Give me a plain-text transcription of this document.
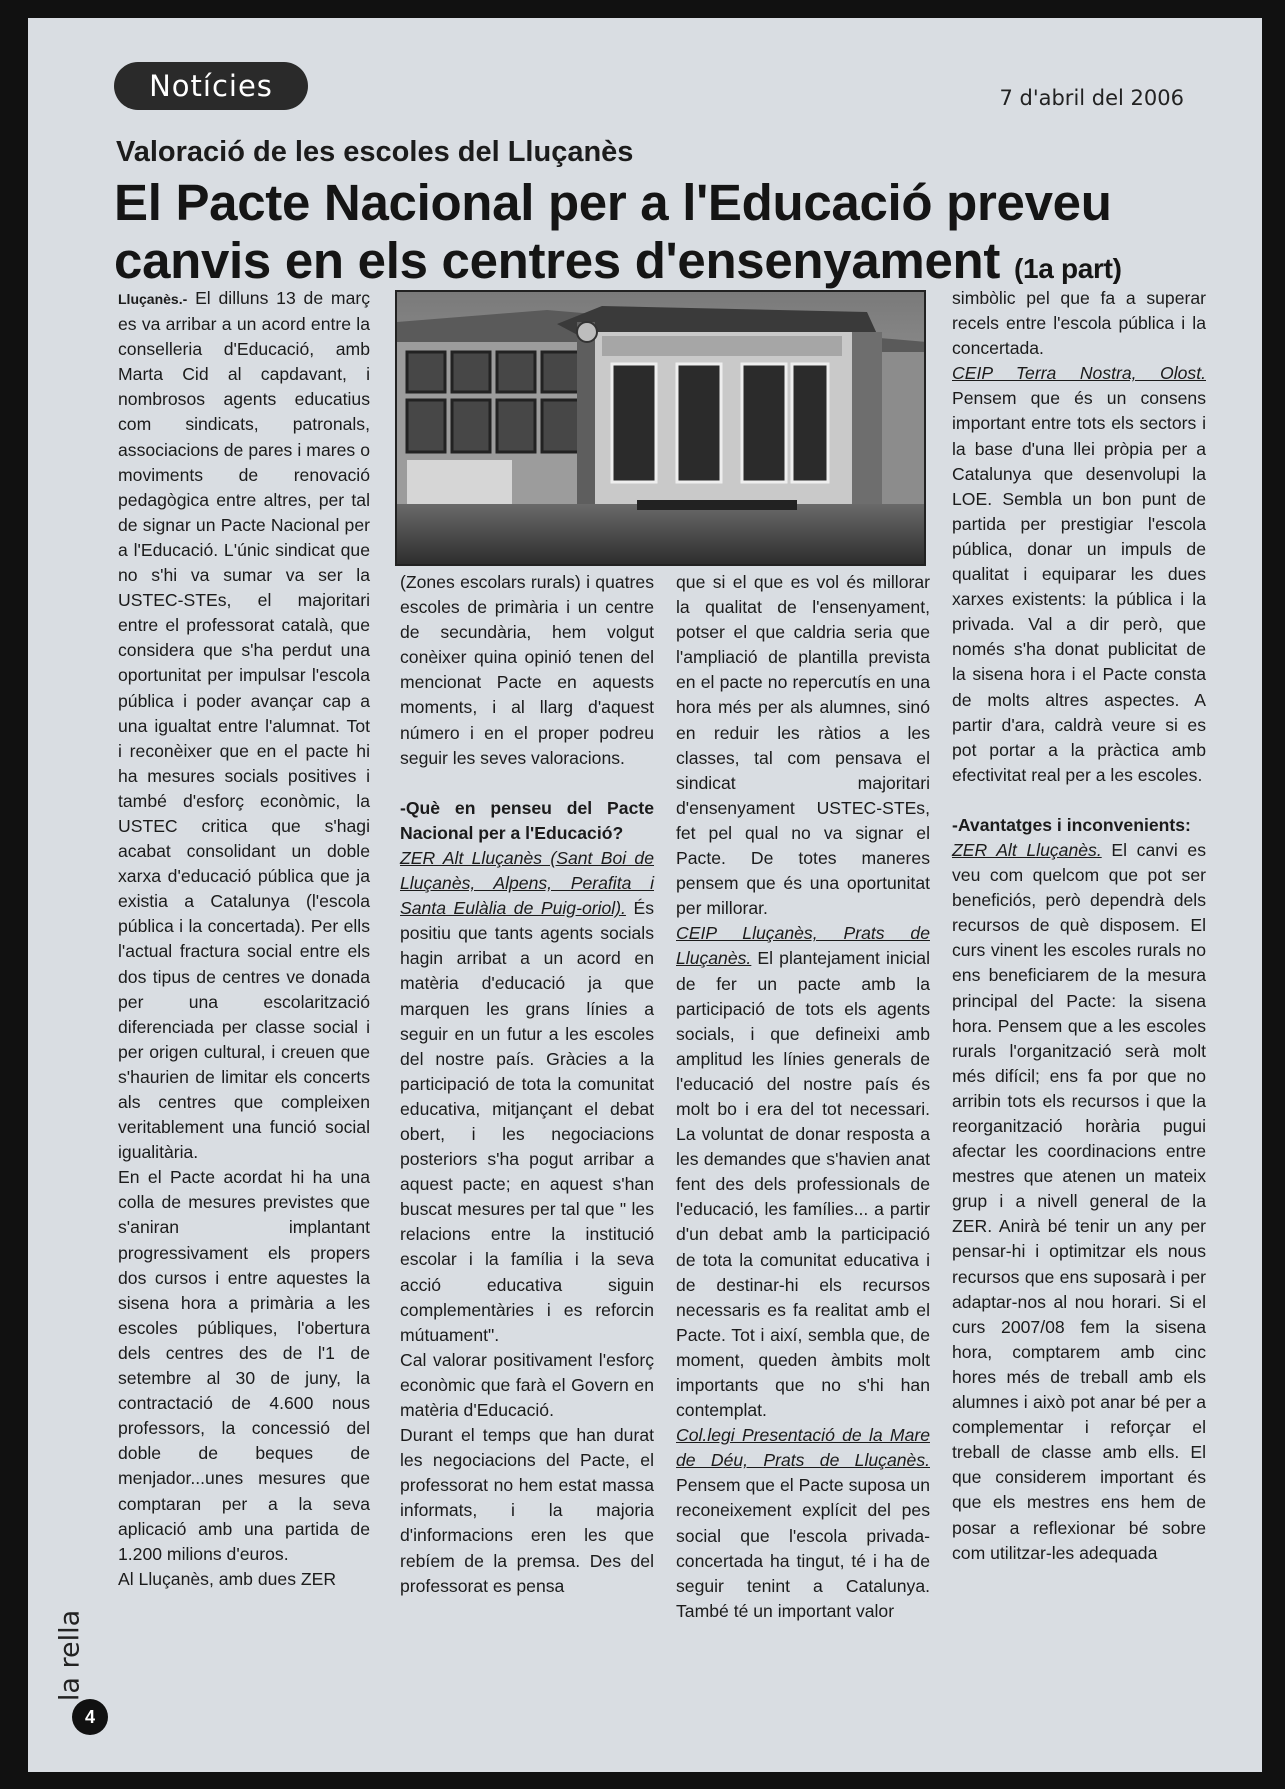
Notícies	7 d'abril del 2006
Valoració de les escoles del Lluçanès
El Pacte Nacional per a l'Educació preveu canvis en els centres d'ensenyament (1a part)

Lluçanès.- El dilluns 13 de març es va arribar a un acord entre la conselleria d'Educació, amb Marta Cid al capdavant, i nombrosos agents educatius com sindicats, patronals, associacions de pares i mares o moviments de renovació pedagògica entre altres, per tal de signar un Pacte Nacional per a l'Educació. L'únic sindicat que no s'hi va sumar va ser la USTEC-STEs, el majoritari entre el professorat català, que considera que s'ha perdut una oportunitat per impulsar l'escola pública i poder avançar cap a una igualtat entre l'alumnat. Tot i reconèixer que en el pacte hi ha mesures socials positives i també d'esforç econòmic, la USTEC critica que s'hagi acabat consolidant un doble xarxa d'educació pública que ja existia a Catalunya (l'escola pública i la concertada). Per ells l'actual fractura social entre els dos tipus de centres ve donada per una escolarització diferenciada per classe social i per origen cultural, i creuen que s'haurien de limitar els concerts als centres que compleixen veritablement una funció social igualitària.

En el Pacte acordat hi ha una colla de mesures previstes que s'aniran implantant progressivament els propers dos cursos i entre aquestes la sisena hora a primària a les escoles públiques, l'obertura dels centres des de l'1 de setembre al 30 de juny, la contractació de 4.600 nous professors, la concessió del doble de beques de menjador...unes mesures que comptaran per a la seva aplicació amb una partida de 1.200 milions d'euros.

Al Lluçanès, amb dues ZER

(Zones escolars rurals) i quatres escoles de primària i un centre de secundària, hem volgut conèixer quina opinió tenen del mencionat Pacte en aquests moments, i al llarg d'aquest número i en el proper podreu seguir les seves valoracions.

-Què en penseu del Pacte Nacional per a l'Educació?

ZER Alt Lluçanès (Sant Boi de Lluçanès, Alpens, Perafita i Santa Eulàlia de Puig-oriol). És positiu que tants agents socials hagin arribat a un acord en matèria d'educació ja que marquen les grans línies a seguir en un futur a les escoles del nostre país. Gràcies a la participació de tota la comunitat educativa, mitjançant el debat obert, i les negociacions posteriors s'ha pogut arribar a aquest pacte; en aquest s'han buscat mesures per tal que " les relacions entre la institució escolar i la família i la seva acció educativa siguin complementàries i es reforcin mútuament".

Cal valorar positivament l'esforç econòmic que farà el Govern en matèria d'Educació.

Durant el temps que han durat les negociacions del Pacte, el professorat no hem estat massa informats, i la majoria d'informacions eren les que rebíem de la premsa. Des del professorat es pensa

que si el que es vol és millorar la qualitat de l'ensenyament, potser el que caldria seria que l'ampliació de plantilla prevista en el pacte no repercutís en una hora més per als alumnes, sinó en reduir les ràtios a les classes, tal com pensava el sindicat majoritari d'ensenyament USTEC-STEs, fet pel qual no va signar el Pacte. De totes maneres pensem que és una oportunitat per millorar.

CEIP Lluçanès, Prats de Lluçanès. El plantejament inicial de fer un pacte amb la participació de tots els agents socials, i que defineixi amb amplitud les línies generals de l'educació del nostre país és molt bo i era del tot necessari. La voluntat de donar resposta a les demandes que s'havien anat fent des dels professionals de l'educació, les famílies... a partir d'un debat amb la participació de tota la comunitat educativa i de destinar-hi els recursos necessaris es fa realitat amb el Pacte. Tot i així, sembla que, de moment, queden àmbits molt importants que no s'hi han contemplat.

Col.legi Presentació de la Mare de Déu, Prats de Lluçanès. Pensem que el Pacte suposa un reconeixement explícit del pes social que l'escola privada-concertada ha tingut, té i ha de seguir tenint a Catalunya. També té un important valor

simbòlic pel que fa a superar recels entre l'escola pública i la concertada.

CEIP Terra Nostra, Olost. Pensem que és un consens important entre tots els sectors i la base d'una llei pròpia per a Catalunya que desenvolupi la LOE. Sembla un bon punt de partida per prestigiar l'escola pública, donar un impuls de qualitat i equiparar les dues xarxes existents: la pública i la privada. Val a dir però, que només s'ha donat publicitat de la sisena hora i el Pacte consta de molts altres aspectes. A partir d'ara, caldrà veure si es pot portar a la pràctica amb efectivitat real per a les escoles.

-Avantatges i inconvenients:

ZER Alt Lluçanès. El canvi es veu com quelcom que pot ser beneficiós, però dependrà dels recursos de què disposem. El curs vinent les escoles rurals no ens beneficiarem de la mesura principal del Pacte: la sisena hora. Pensem que a les escoles rurals l'organització serà molt més difícil; ens fa por que no arribin tots els recursos i que la reorganització horària pugui afectar les coordinacions entre mestres que atenen un mateix grup i a nivell general de la ZER. Anirà bé tenir un any per pensar-hi i optimitzar els nous recursos que ens suposarà i per adaptar-nos al nou horari. Si el curs 2007/08 fem la sisena hora, comptarem amb cinc hores més de treball amb els alumnes i això pot anar bé per a complementar i reforçar el treball de classe amb ells. El que considerem important és que els mestres ens hem de posar a reflexionar bé sobre com utilitzar-les adequada

la rella
4
